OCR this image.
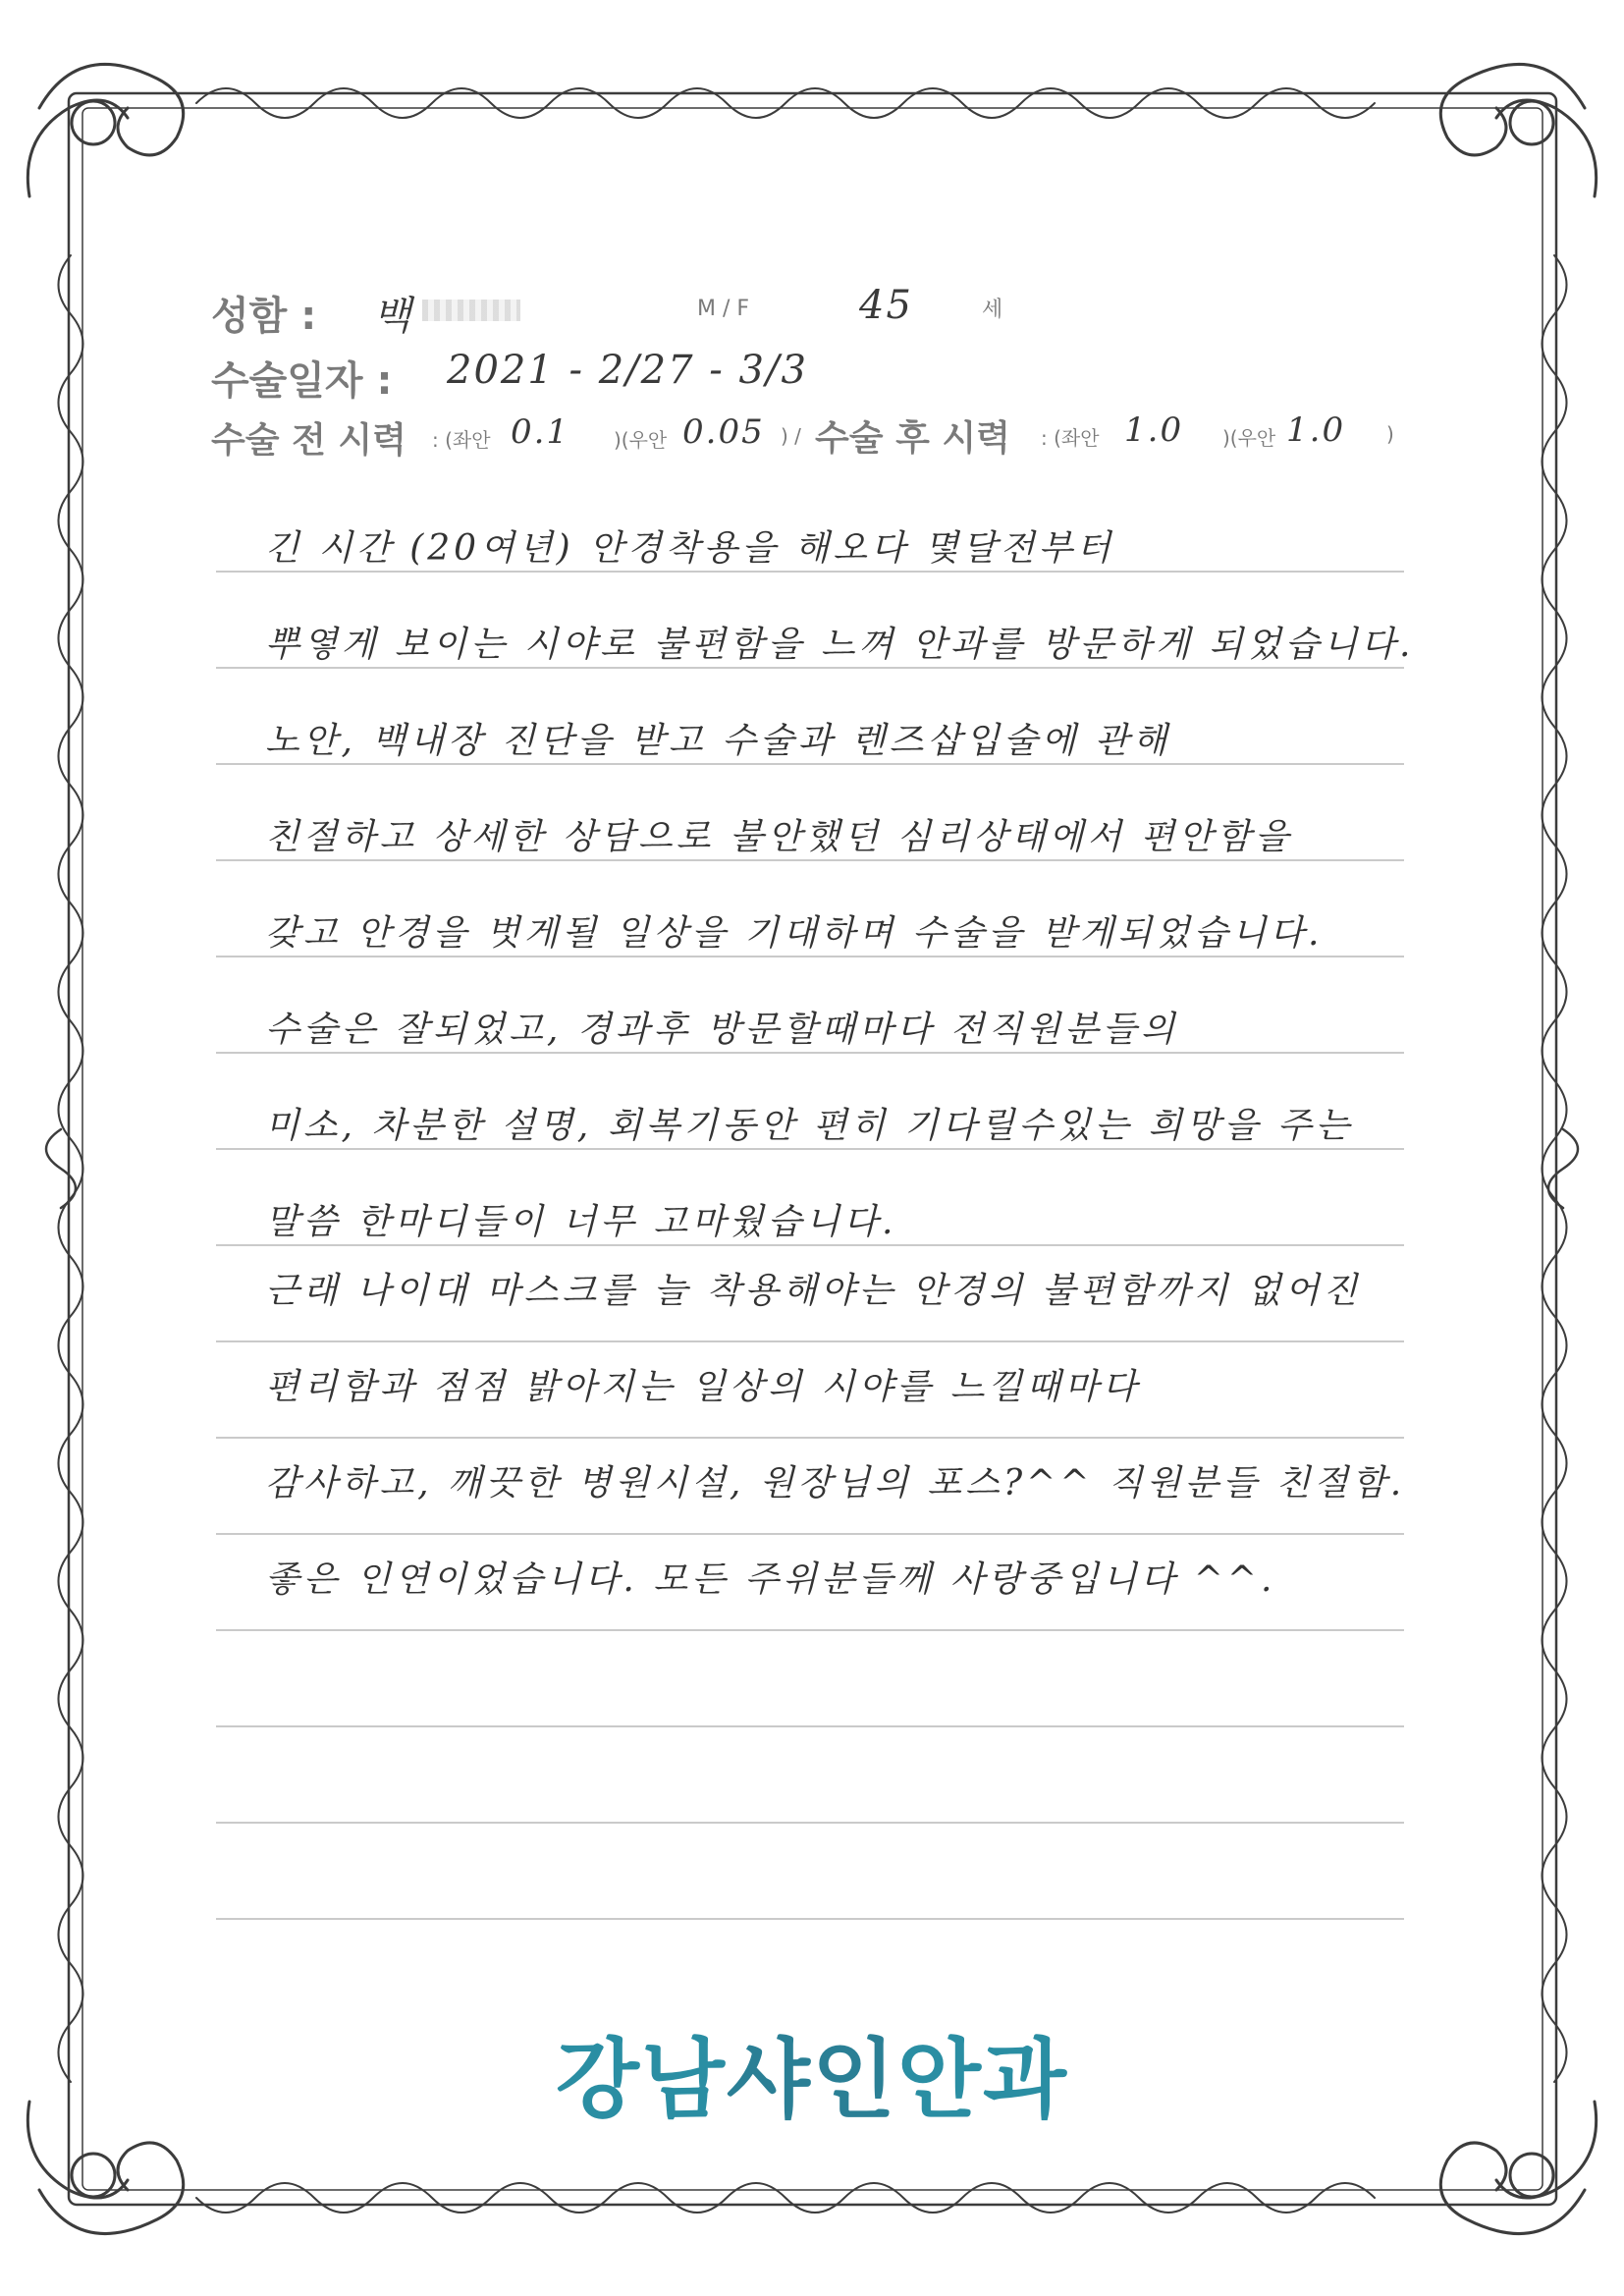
성함 : 백	M / F	45	세
수술일자 : 2021 - 2/27 - 3/3
수술 전 시력 : (좌안 0.1 )(우안 0.05 ) / 수술 후 시력 : (좌안 1.0 )(우안 1.0 )
긴 시간 (20여년) 안경착용을 해오다 몇달전부터
뿌옇게 보이는 시야로 불편함을 느껴 안과를 방문하게 되었습니다.
노안, 백내장 진단을 받고 수술과 렌즈삽입술에 관해
친절하고 상세한 상담으로 불안했던 심리상태에서 편안함을
갖고 안경을 벗게될 일상을 기대하며 수술을 받게되었습니다.
수술은 잘되었고, 경과후 방문할때마다 전직원분들의
미소, 차분한 설명, 회복기동안 편히 기다릴수있는 희망을 주는
말씀 한마디들이 너무 고마웠습니다.
근래 나이대 마스크를 늘 착용해야는 안경의 불편함까지 없어진
편리함과 점점 밝아지는 일상의 시야를 느낄때마다
감사하고, 깨끗한 병원시설, 원장님의 포스?^^ 직원분들 친절함.
좋은 인연이었습니다. 모든 주위분들께 사랑중입니다 ^^.
강남샤인안과
